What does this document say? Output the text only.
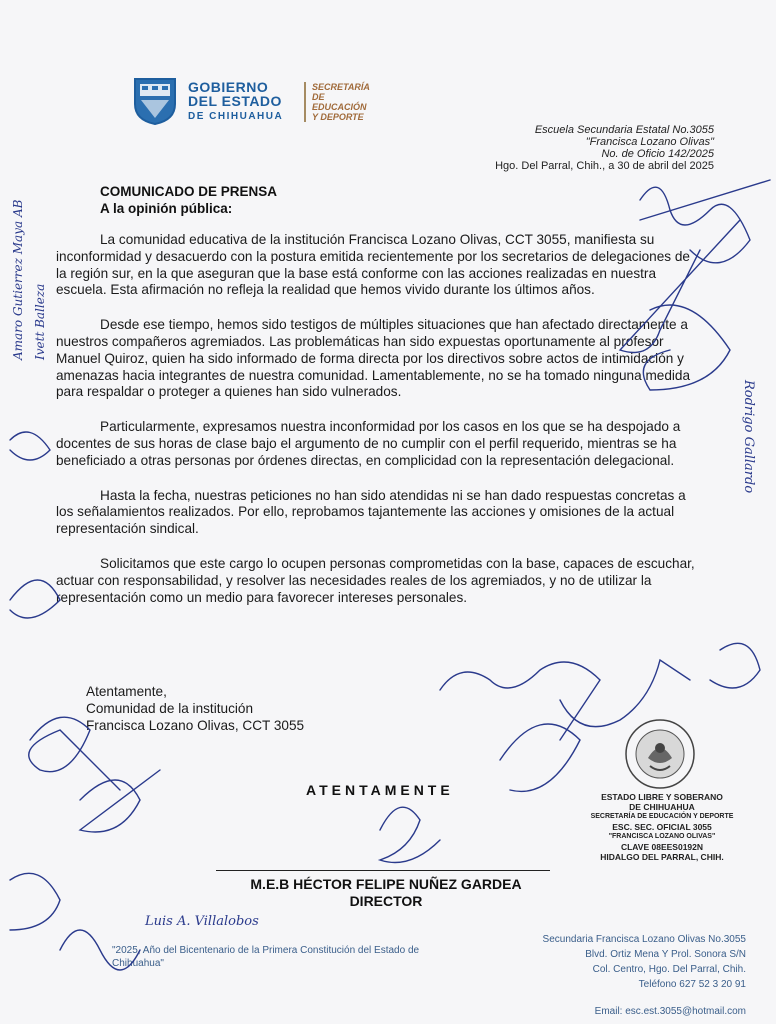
GOBIERNO
DEL ESTADO
DE CHIHUAHUA
SECRETARÍA
DE EDUCACIÓN
Y DEPORTE
Escuela Secundaria Estatal No.3055
"Francisca Lozano Olivas"
No. de Oficio 142/2025
Hgo. Del Parral, Chih., a 30 de abril del 2025
COMUNICADO DE PRENSA
A la opinión pública:

La comunidad educativa de la institución Francisca Lozano Olivas, CCT 3055, manifiesta su inconformidad y desacuerdo con la postura emitida recientemente por los secretarios de delegaciones de la región sur, en la que aseguran que la base está conforme con las acciones realizadas en nuestra escuela. Esta afirmación no refleja la realidad que hemos vivido durante los últimos años.

Desde ese tiempo, hemos sido testigos de múltiples situaciones que han afectado directamente a nuestros compañeros agremiados. Las problemáticas han sido expuestas oportunamente al profesor Manuel Quiroz, quien ha sido informado de forma directa por los directivos sobre actos de intimidación y amenazas hacia integrantes de nuestra comunidad. Lamentablemente, no se ha tomado ninguna medida para respaldar o proteger a quienes han sido vulnerados.

Particularmente, expresamos nuestra inconformidad por los casos en los que se ha despojado a docentes de sus horas de clase bajo el argumento de no cumplir con el perfil requerido, mientras se ha beneficiado a otras personas por órdenes directas, en complicidad con la representación delegacional.

Hasta la fecha, nuestras peticiones no han sido atendidas ni se han dado respuestas concretas a los señalamientos realizados. Por ello, reprobamos tajantemente las acciones y omisiones de la actual representación sindical.

Solicitamos que este cargo lo ocupen personas comprometidas con la base, capaces de escuchar, actuar con responsabilidad, y resolver las necesidades reales de los agremiados, y no de utilizar la representación como un medio para favorecer intereses personales.

Atentamente,
Comunidad de la institución
Francisca Lozano Olivas, CCT 3055
ATENTAMENTE
M.E.B HÉCTOR FELIPE NUÑEZ GARDEA
DIRECTOR
ESTADO LIBRE Y SOBERANO
DE CHIHUAHUA
SECRETARÍA DE EDUCACIÓN Y DEPORTE
ESC. SEC. OFICIAL 3055
"FRANCISCA LOZANO OLIVAS"
CLAVE 08EES0192N
HIDALGO DEL PARRAL, CHIH.
"2025, Año del Bicentenario de la Primera Constitución del Estado de Chihuahua"
Secundaria Francisca Lozano Olivas No.3055
Blvd. Ortiz Mena Y Prol. Sonora S/N
Col. Centro, Hgo. Del Parral, Chih.
Teléfono 627 52 3 20 91
Email: esc.est.3055@hotmail.com
Luis A. Villalobos
Rodrigo Gallardo
Amaro Gutierrez Maya AB Ivett Balleza
